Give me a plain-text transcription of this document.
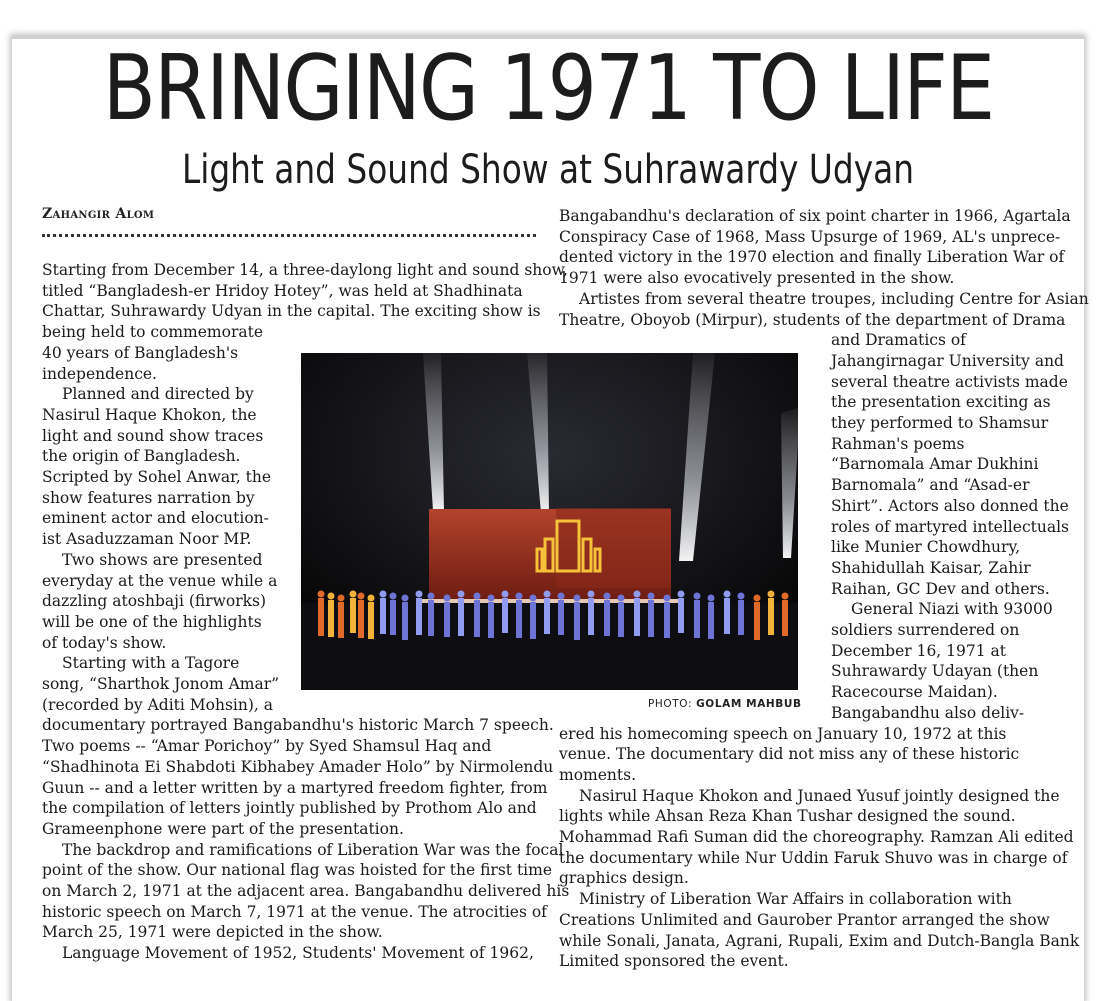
BRINGING 1971 TO LIFE
Light and Sound Show at Suhrawardy Udyan
Zahangir Alom
Starting from December 14, a three-daylong light and sound show,
titled “Bangladesh-er Hridoy Hotey”, was held at Shadhinata
Chattar, Suhrawardy Udyan in the capital. The exciting show is
being held to commemorate
40 years of Bangladesh's
independence.
Planned and directed by
Nasirul Haque Khokon, the
light and sound show traces
the origin of Bangladesh.
Scripted by Sohel Anwar, the
show features narration by
eminent actor and elocution-
ist Asaduzzaman Noor MP.
Two shows are presented
everyday at the venue while a
dazzling atoshbaji (firworks)
will be one of the highlights
of today's show.
Starting with a Tagore
song, “Sharthok Jonom Amar”
(recorded by Aditi Mohsin), a
documentary portrayed Bangabandhu's historic March 7 speech.
Two poems -- “Amar Porichoy” by Syed Shamsul Haq and
“Shadhinota Ei Shabdoti Kibhabey Amader Holo” by Nirmolendu
Guun -- and a letter written by a martyred freedom fighter, from
the compilation of letters jointly published by Prothom Alo and
Grameenphone were part of the presentation.
The backdrop and ramifications of Liberation War was the focal
point of the show. Our national flag was hoisted for the first time
on March 2, 1971 at the adjacent area. Bangabandhu delivered his
historic speech on March 7, 1971 at the venue. The atrocities of
March 25, 1971 were depicted in the show.
Language Movement of 1952, Students' Movement of 1962,
Bangabandhu's declaration of six point charter in 1966, Agartala
Conspiracy Case of 1968, Mass Upsurge of 1969, AL's unprece-
dented victory in the 1970 election and finally Liberation War of
1971 were also evocatively presented in the show.
Artistes from several theatre troupes, including Centre for Asian
Theatre, Oboyob (Mirpur), students of the department of Drama
and Dramatics of
Jahangirnagar University and
several theatre activists made
the presentation exciting as
they performed to Shamsur
Rahman's poems
“Barnomala Amar Dukhini
Barnomala” and “Asad-er
Shirt”. Actors also donned the
roles of martyred intellectuals
like Munier Chowdhury,
Shahidullah Kaisar, Zahir
Raihan, GC Dev and others.
General Niazi with 93000
soldiers surrendered on
December 16, 1971 at
Suhrawardy Udayan (then
Racecourse Maidan).
Bangabandhu also deliv-
ered his homecoming speech on January 10, 1972 at this
venue. The documentary did not miss any of these historic
moments.
Nasirul Haque Khokon and Junaed Yusuf jointly designed the
lights while Ahsan Reza Khan Tushar designed the sound.
Mohammad Rafi Suman did the choreography. Ramzan Ali edited
the documentary while Nur Uddin Faruk Shuvo was in charge of
graphics design.
Ministry of Liberation War Affairs in collaboration with
Creations Unlimited and Gaurober Prantor arranged the show
while Sonali, Janata, Agrani, Rupali, Exim and Dutch-Bangla Bank
Limited sponsored the event.
PHOTO: GOLAM MAHBUB
